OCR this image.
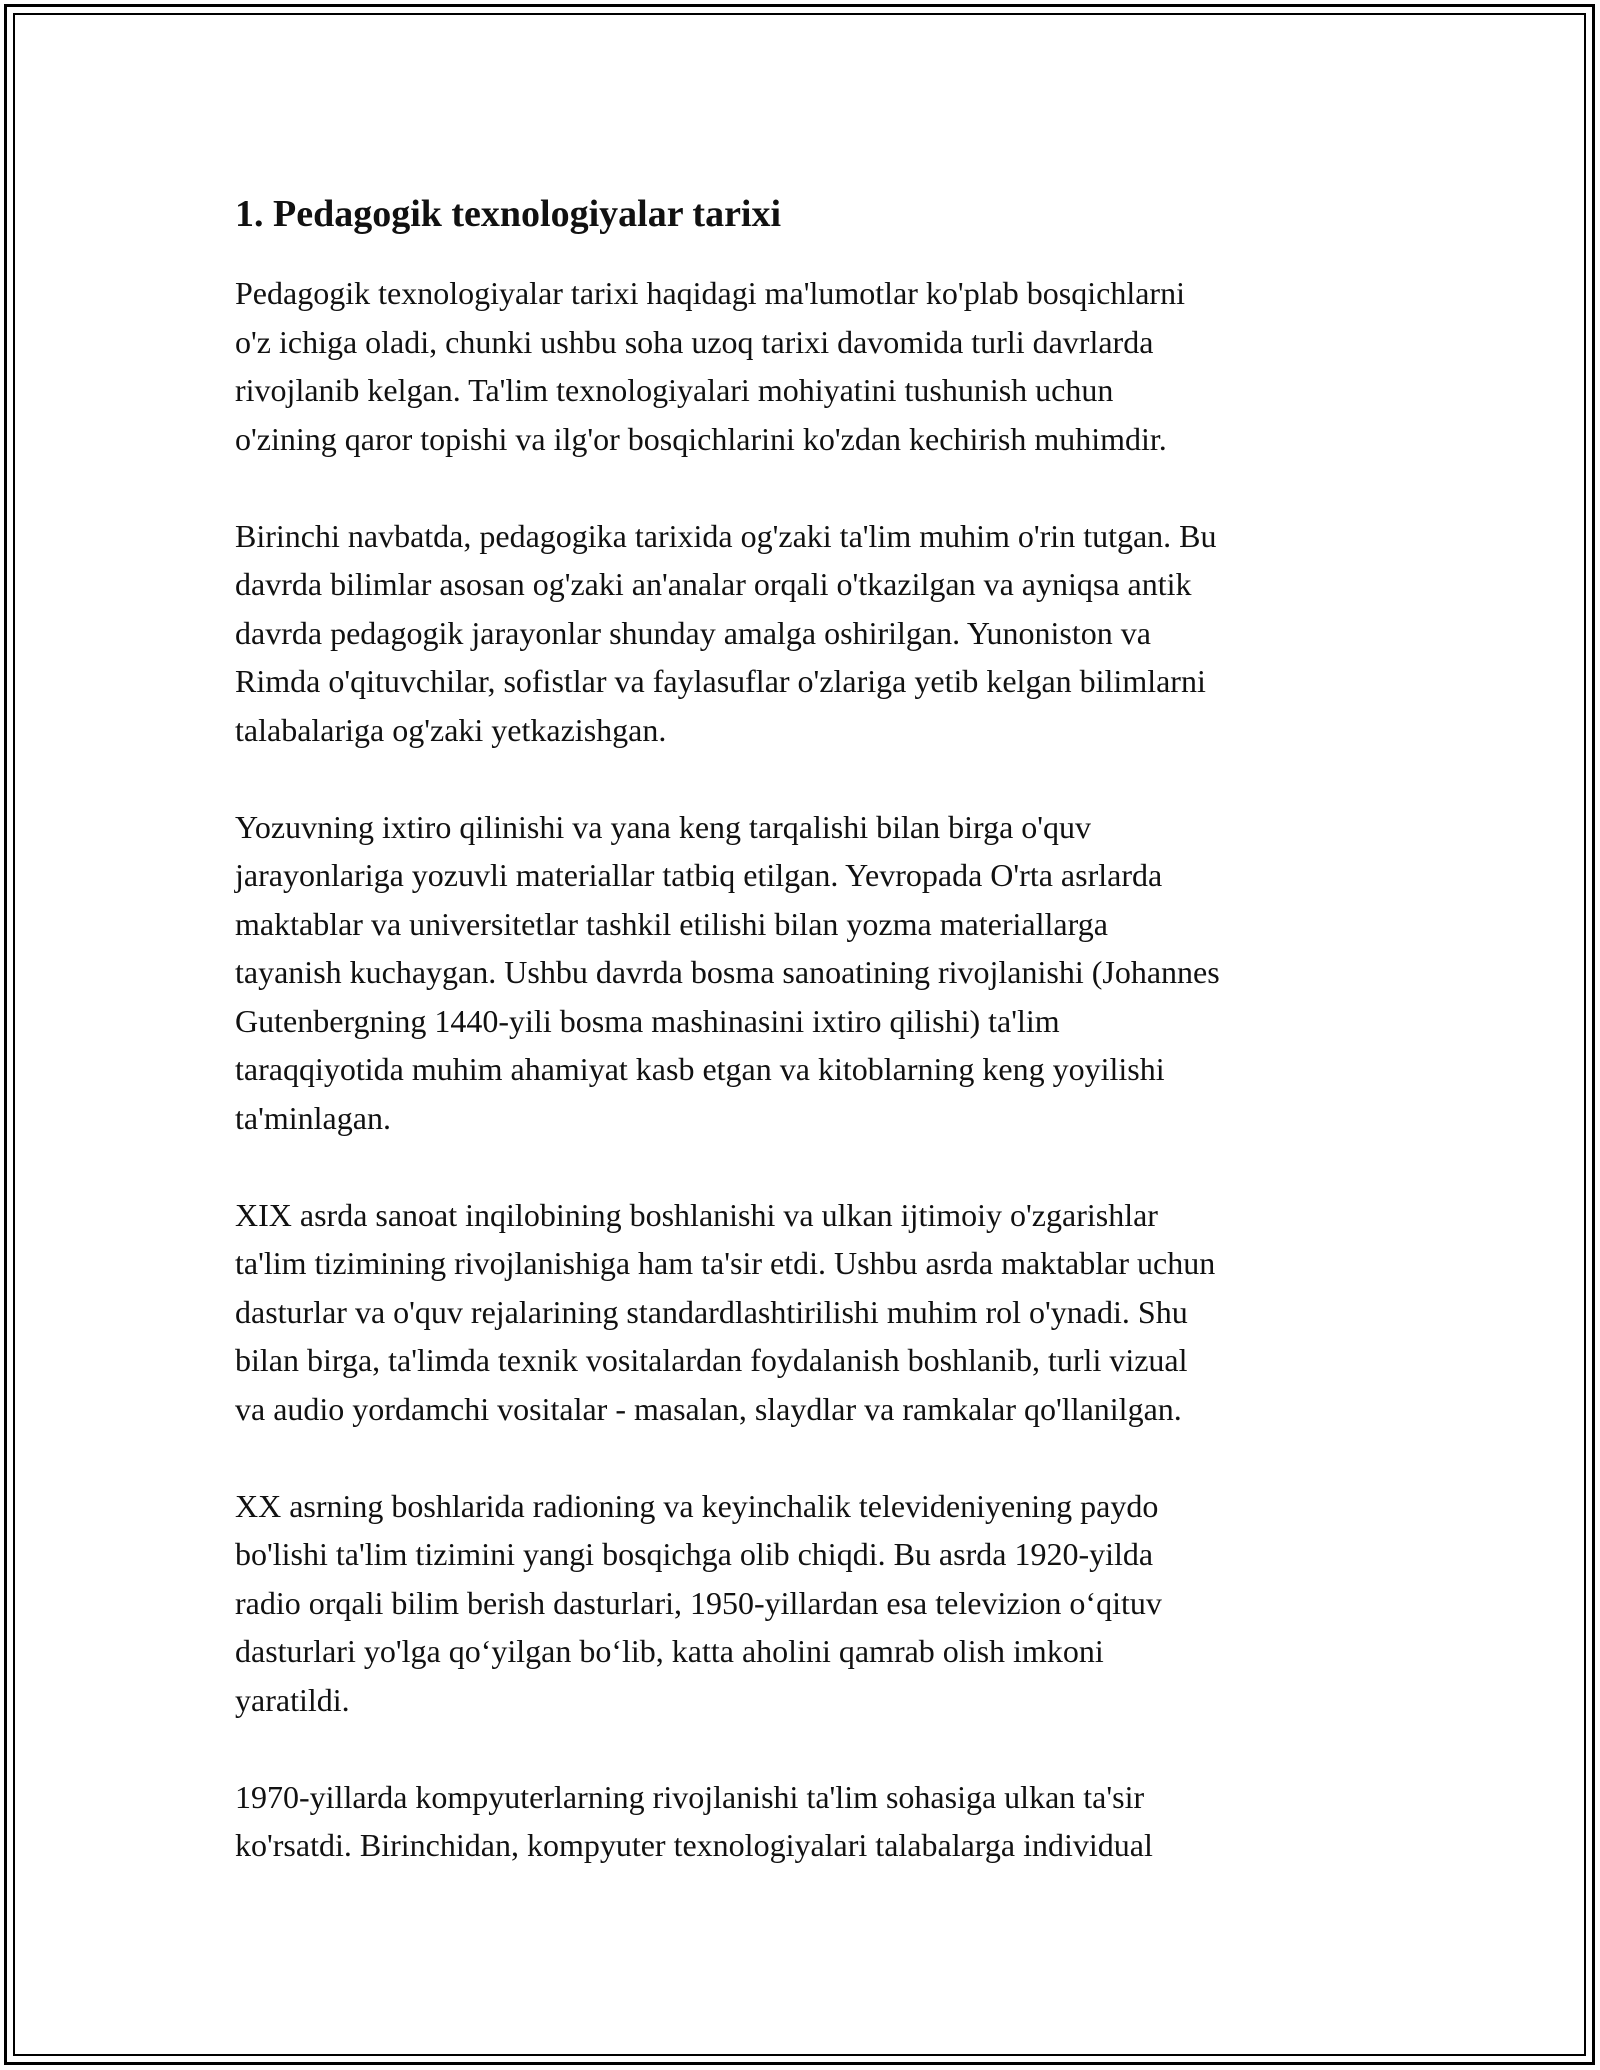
1. Pedagogik texnologiyalar tarixi

Pedagogik texnologiyalar tarixi haqidagi ma'lumotlar ko'plab bosqichlarni
o'z ichiga oladi, chunki ushbu soha uzoq tarixi davomida turli davrlarda
rivojlanib kelgan. Ta'lim texnologiyalari mohiyatini tushunish uchun
o'zining qaror topishi va ilg'or bosqichlarini ko'zdan kechirish muhimdir.

Birinchi navbatda, pedagogika tarixida og'zaki ta'lim muhim o'rin tutgan. Bu
davrda bilimlar asosan og'zaki an'analar orqali o'tkazilgan va ayniqsa antik
davrda pedagogik jarayonlar shunday amalga oshirilgan. Yunoniston va
Rimda o'qituvchilar, sofistlar va faylasuflar o'zlariga yetib kelgan bilimlarni
talabalariga og'zaki yetkazishgan.

Yozuvning ixtiro qilinishi va yana keng tarqalishi bilan birga o'quv
jarayonlariga yozuvli materiallar tatbiq etilgan. Yevropada O'rta asrlarda
maktablar va universitetlar tashkil etilishi bilan yozma materiallarga
tayanish kuchaygan. Ushbu davrda bosma sanoatining rivojlanishi (Johannes
Gutenbergning 1440-yili bosma mashinasini ixtiro qilishi) ta'lim
taraqqiyotida muhim ahamiyat kasb etgan va kitoblarning keng yoyilishi
ta'minlagan.

XIX asrda sanoat inqilobining boshlanishi va ulkan ijtimoiy o'zgarishlar
ta'lim tizimining rivojlanishiga ham ta'sir etdi. Ushbu asrda maktablar uchun
dasturlar va o'quv rejalarining standardlashtirilishi muhim rol o'ynadi. Shu
bilan birga, ta'limda texnik vositalardan foydalanish boshlanib, turli vizual
va audio yordamchi vositalar - masalan, slaydlar va ramkalar qo'llanilgan.

XX asrning boshlarida radioning va keyinchalik televideniyening paydo
bo'lishi ta'lim tizimini yangi bosqichga olib chiqdi. Bu asrda 1920-yilda
radio orqali bilim berish dasturlari, 1950-yillardan esa televizion o‘qituv
dasturlari yo'lga qo‘yilgan bo‘lib, katta aholini qamrab olish imkoni
yaratildi.

1970-yillarda kompyuterlarning rivojlanishi ta'lim sohasiga ulkan ta'sir
ko'rsatdi. Birinchidan, kompyuter texnologiyalari talabalarga individual
